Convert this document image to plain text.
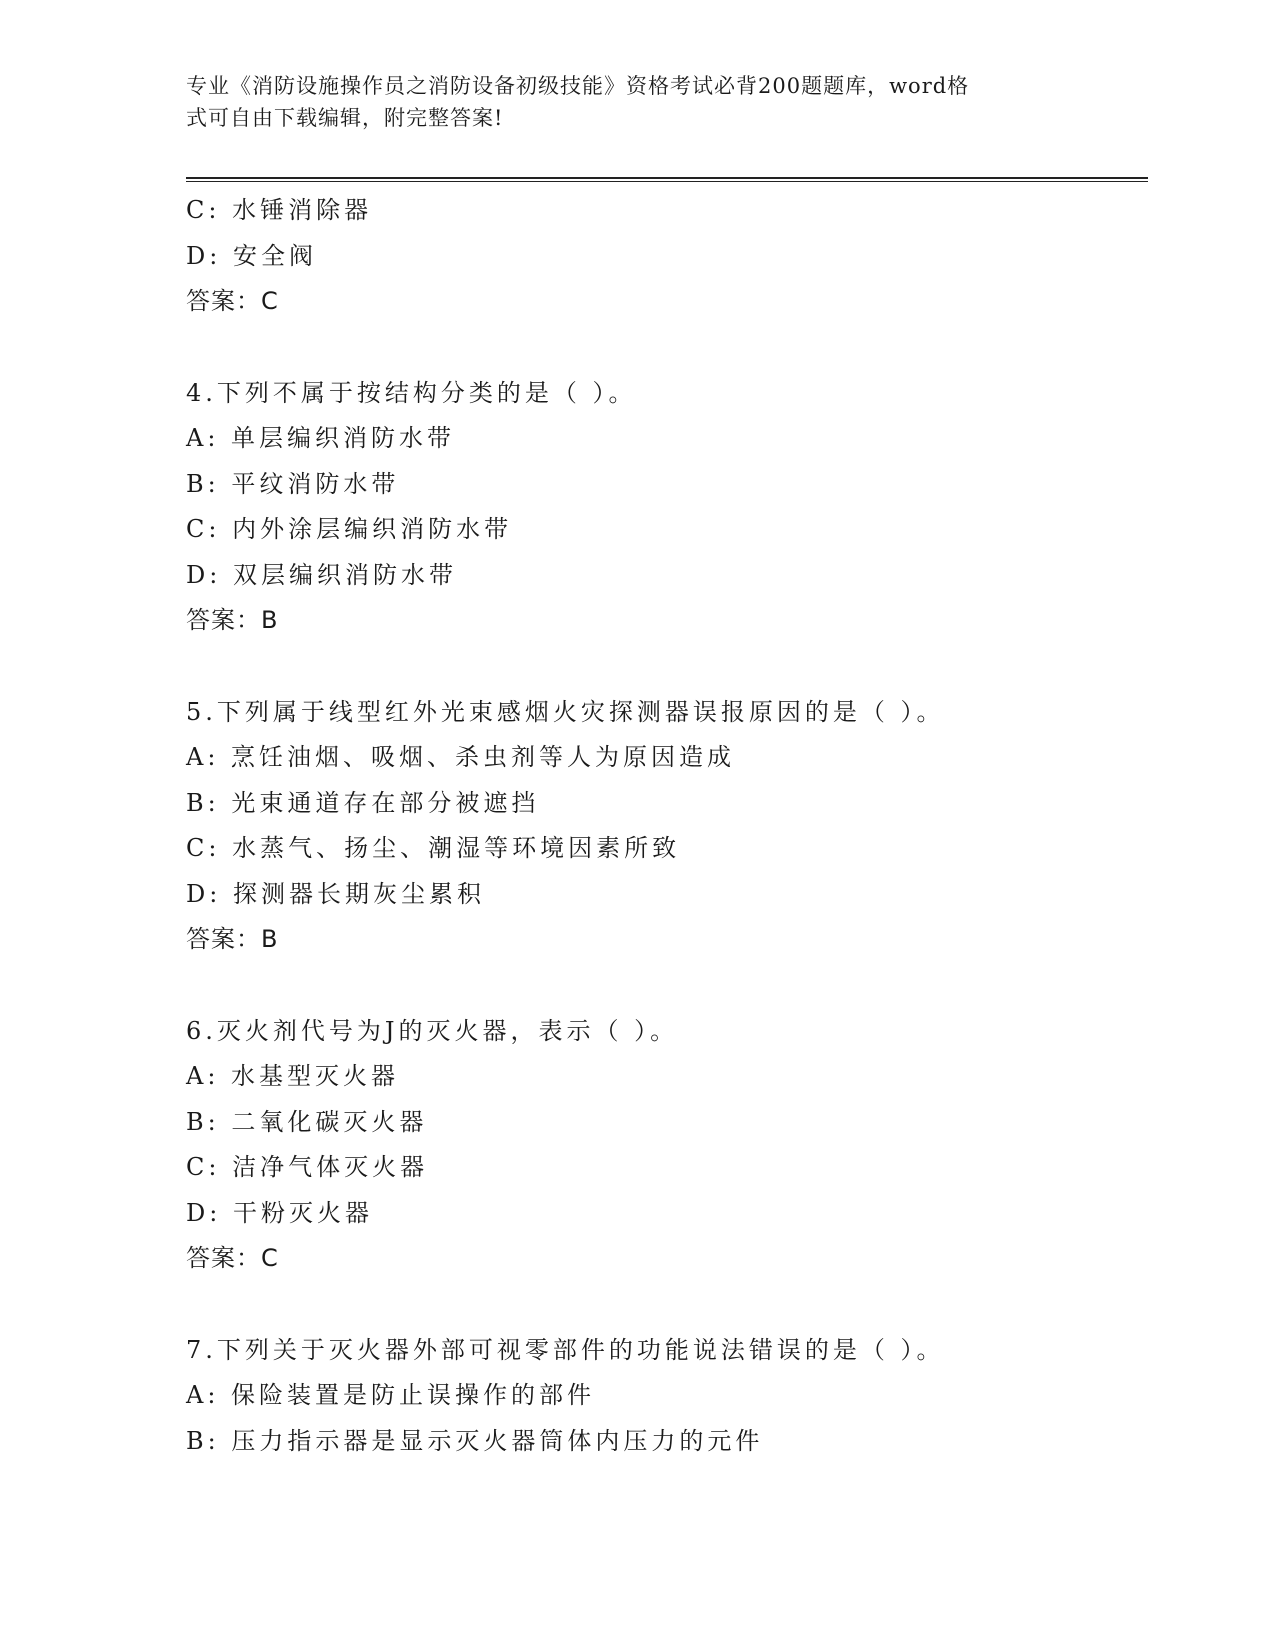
专业《消防设施操作员之消防设备初级技能》资格考试必背200题题库，word格
式可自由下载编辑，附完整答案!
C: 水锤消除器
D: 安全阀
答案：C
4.下列不属于按结构分类的是（ ）。
A: 单层编织消防水带
B: 平纹消防水带
C: 内外涂层编织消防水带
D: 双层编织消防水带
答案：B
5.下列属于线型红外光束感烟火灾探测器误报原因的是（ ）。
A: 烹饪油烟、吸烟、杀虫剂等人为原因造成
B: 光束通道存在部分被遮挡
C: 水蒸气、扬尘、潮湿等环境因素所致
D: 探测器长期灰尘累积
答案：B
6.灭火剂代号为J的灭火器，表示（ ）。
A: 水基型灭火器
B: 二氧化碳灭火器
C: 洁净气体灭火器
D: 干粉灭火器
答案：C
7.下列关于灭火器外部可视零部件的功能说法错误的是（ ）。
A: 保险装置是防止误操作的部件
B: 压力指示器是显示灭火器筒体内压力的元件
